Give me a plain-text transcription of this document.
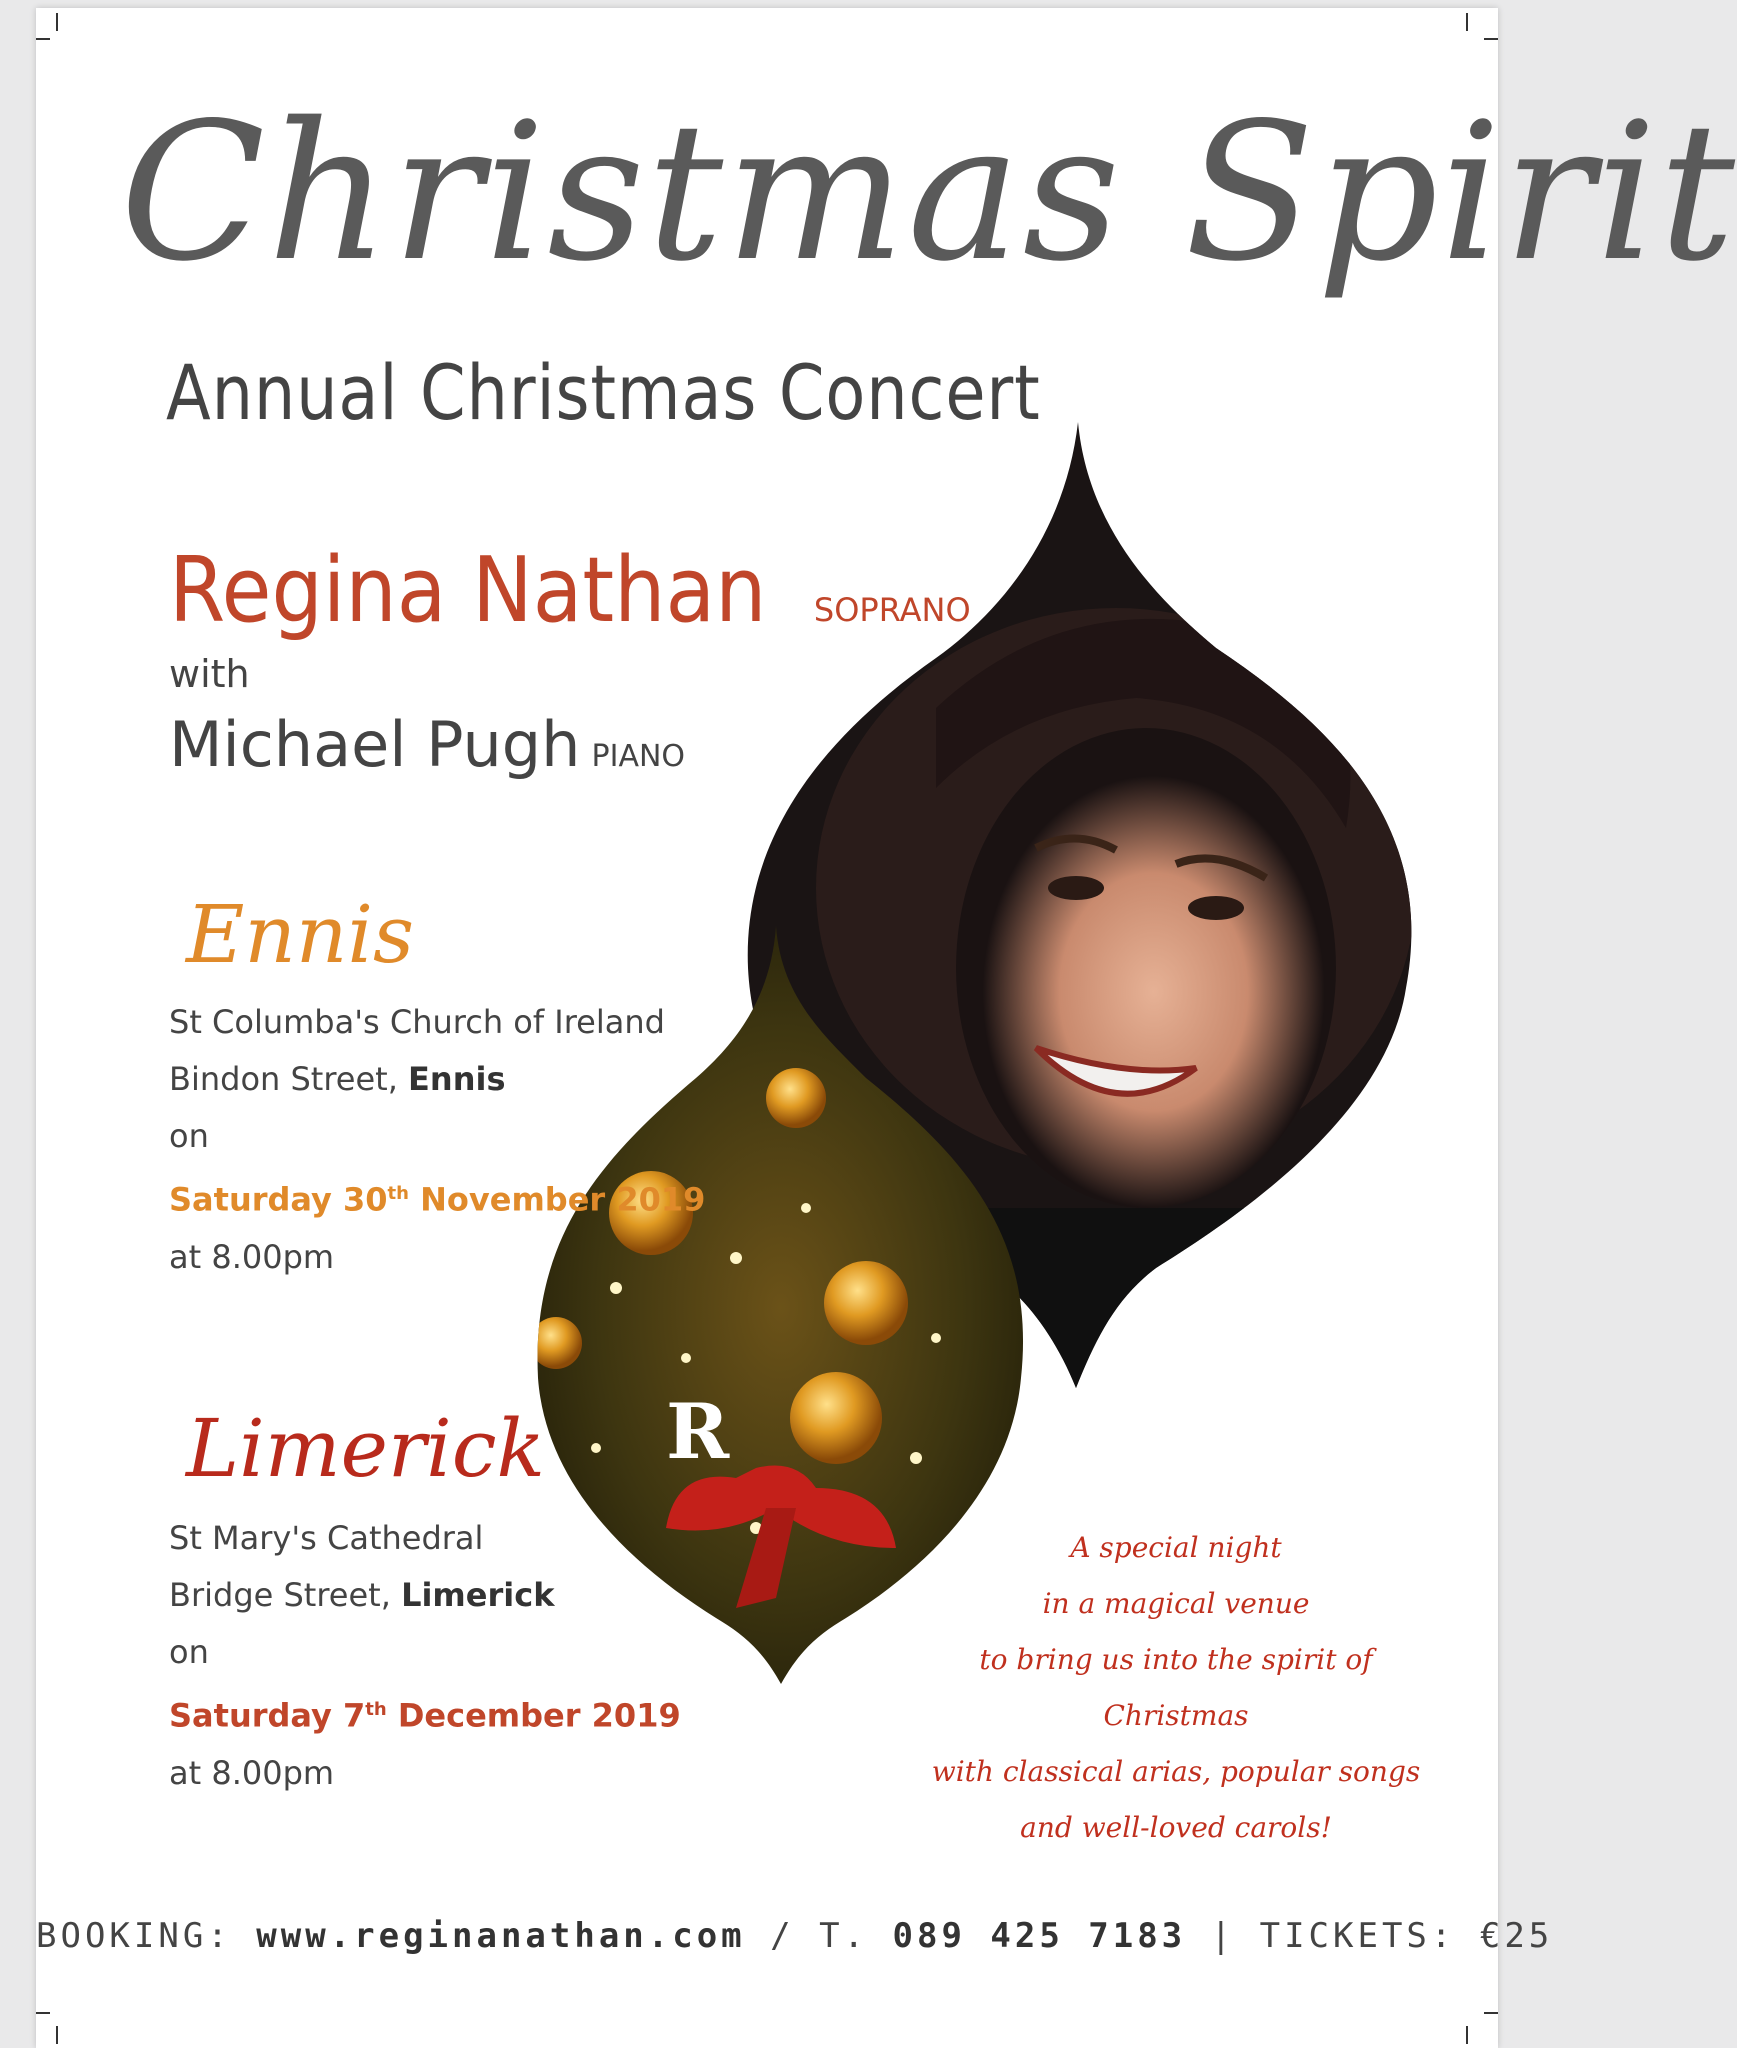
R
Christmas Spirit
Annual Christmas Concert
Regina Nathan SOPRANO
with
Michael Pugh PIANO
Ennis
St Columba's Church of Ireland
Bindon Street, Ennis
on
Saturday 30th November 2019
at 8.00pm
Limerick
St Mary's Cathedral
Bridge Street, Limerick
on
Saturday 7th December 2019
at 8.00pm
A special night
in a magical venue
to bring us into the spirit of Christmas
with classical arias, popular songs
and well-loved carols!
BOOKING: www.reginanathan.com / T. 089 425 7183 | TICKETS: €25
